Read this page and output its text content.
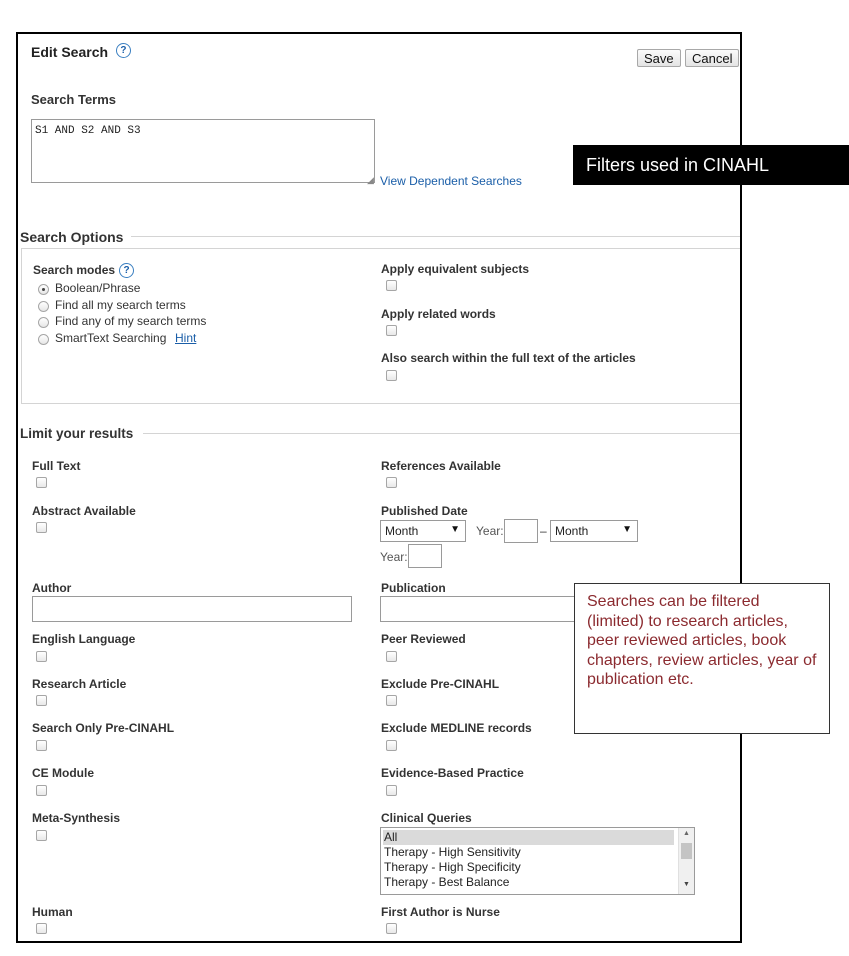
Edit Search ?
Save	Cancel
Search Terms
S1 AND S2 AND S3
◢ View Dependent Searches
Search Options
Search modes ?
Boolean/Phrase
Find all my search terms
Find any of my search terms
SmartText Searching Hint
Apply equivalent subjects
Apply related words
Also search within the full text of the articles
Limit your results
Full Text	References Available
Abstract Available	Published Date
Month	▼ Year:	– Month	▼
Year:
Author	Publication
English Language	Peer Reviewed
Research Article	Exclude Pre-CINAHL
Search Only Pre-CINAHL	Exclude MEDLINE records
CE Module	Evidence-Based Practice
Meta-Synthesis	Clinical Queries
All
Therapy - High Sensitivity
Therapy - High Specificity
Therapy - Best Balance
▲
▼
Human	First Author is Nurse
Filters used in CINAHL
Searches can be filtered (limited) to research articles, peer reviewed articles, book chapters, review articles, year of publication etc.
